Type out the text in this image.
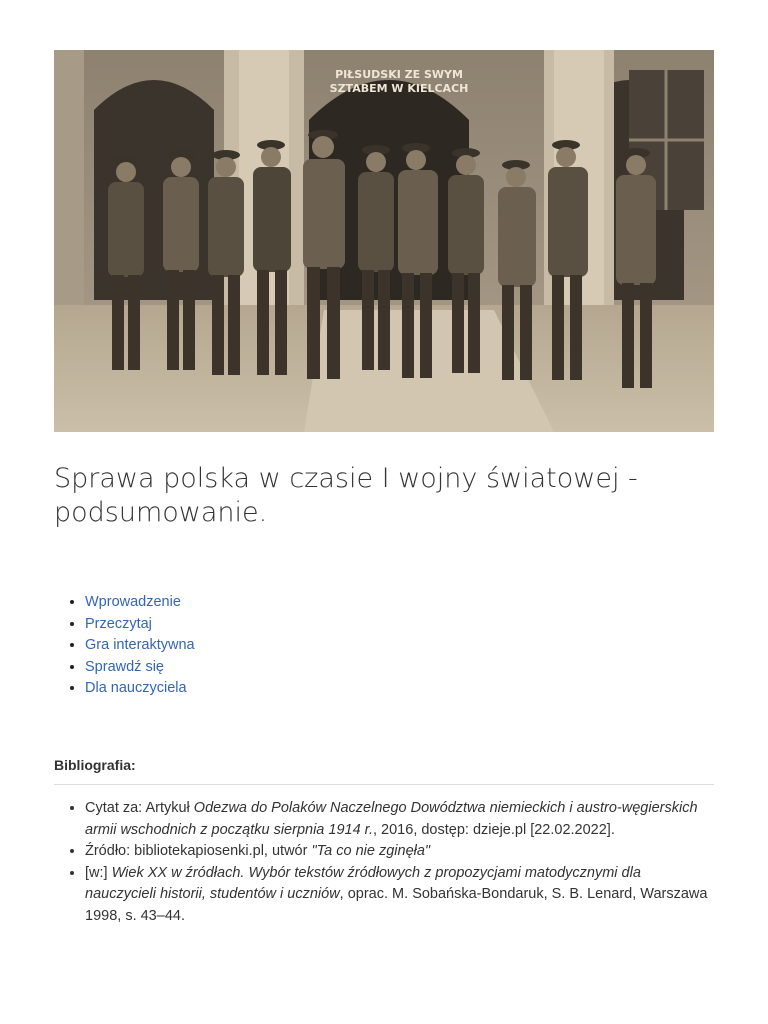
PIŁSUDSKI ZE SWYM
SZTABEM W KIELCACH
Sprawa polska w czasie I wojny światowej - podsumowanie.
• Wprowadzenie
• Przeczytaj
• Gra interaktywna
• Sprawdź się
• Dla nauczyciela
Bibliografia:
• Cytat za: Artykuł Odezwa do Polaków Naczelnego Dowództwa niemieckich i austro-węgierskich armii wschodnich z początku sierpnia 1914 r., 2016, dostęp: dzieje.pl [22.02.2022].
• Źródło: bibliotekapiosenki.pl, utwór "Ta co nie zginęła"
• [w:] Wiek XX w źródłach. Wybór tekstów źródłowych z propozycjami matodycznymi dla nauczycieli historii, studentów i uczniów, oprac. M. Sobańska-Bondaruk, S. B. Lenard, Warszawa 1998, s. 43–44.
